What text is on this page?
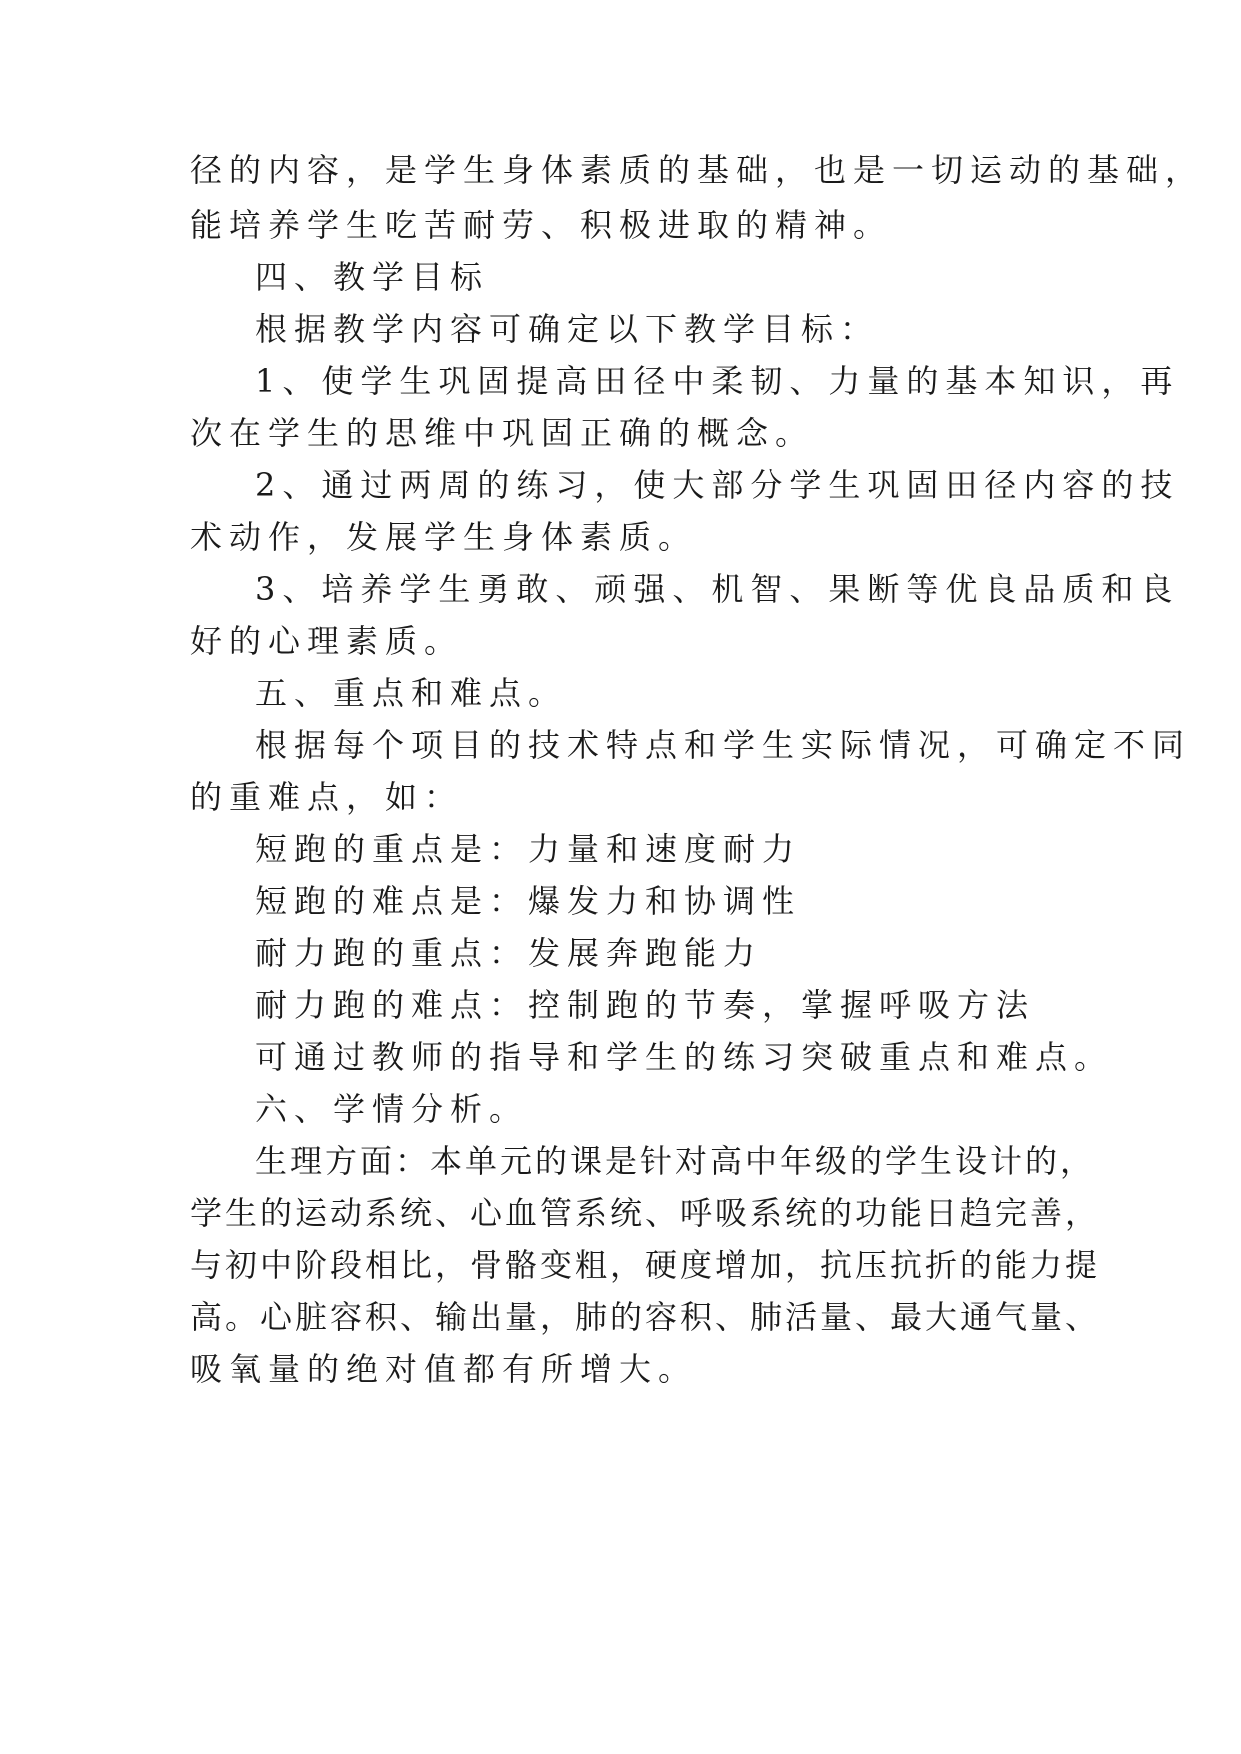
径的内容，是学生身体素质的基础，也是一切运动的基础，
能培养学生吃苦耐劳、积极进取的精神。
四、教学目标
根据教学内容可确定以下教学目标：
1、使学生巩固提高田径中柔韧、力量的基本知识，再
次在学生的思维中巩固正确的概念。
2、通过两周的练习，使大部分学生巩固田径内容的技
术动作，发展学生身体素质。
3、培养学生勇敢、顽强、机智、果断等优良品质和良
好的心理素质。
五、重点和难点。
根据每个项目的技术特点和学生实际情况，可确定不同
的重难点，如：
短跑的重点是：力量和速度耐力
短跑的难点是：爆发力和协调性
耐力跑的重点：发展奔跑能力
耐力跑的难点：控制跑的节奏，掌握呼吸方法
可通过教师的指导和学生的练习突破重点和难点。
六、学情分析。
生理方面：本单元的课是针对高中年级的学生设计的，
学生的运动系统、心血管系统、呼吸系统的功能日趋完善，
与初中阶段相比，骨骼变粗，硬度增加，抗压抗折的能力提
高。心脏容积、输出量，肺的容积、肺活量、最大通气量、
吸氧量的绝对值都有所增大。
